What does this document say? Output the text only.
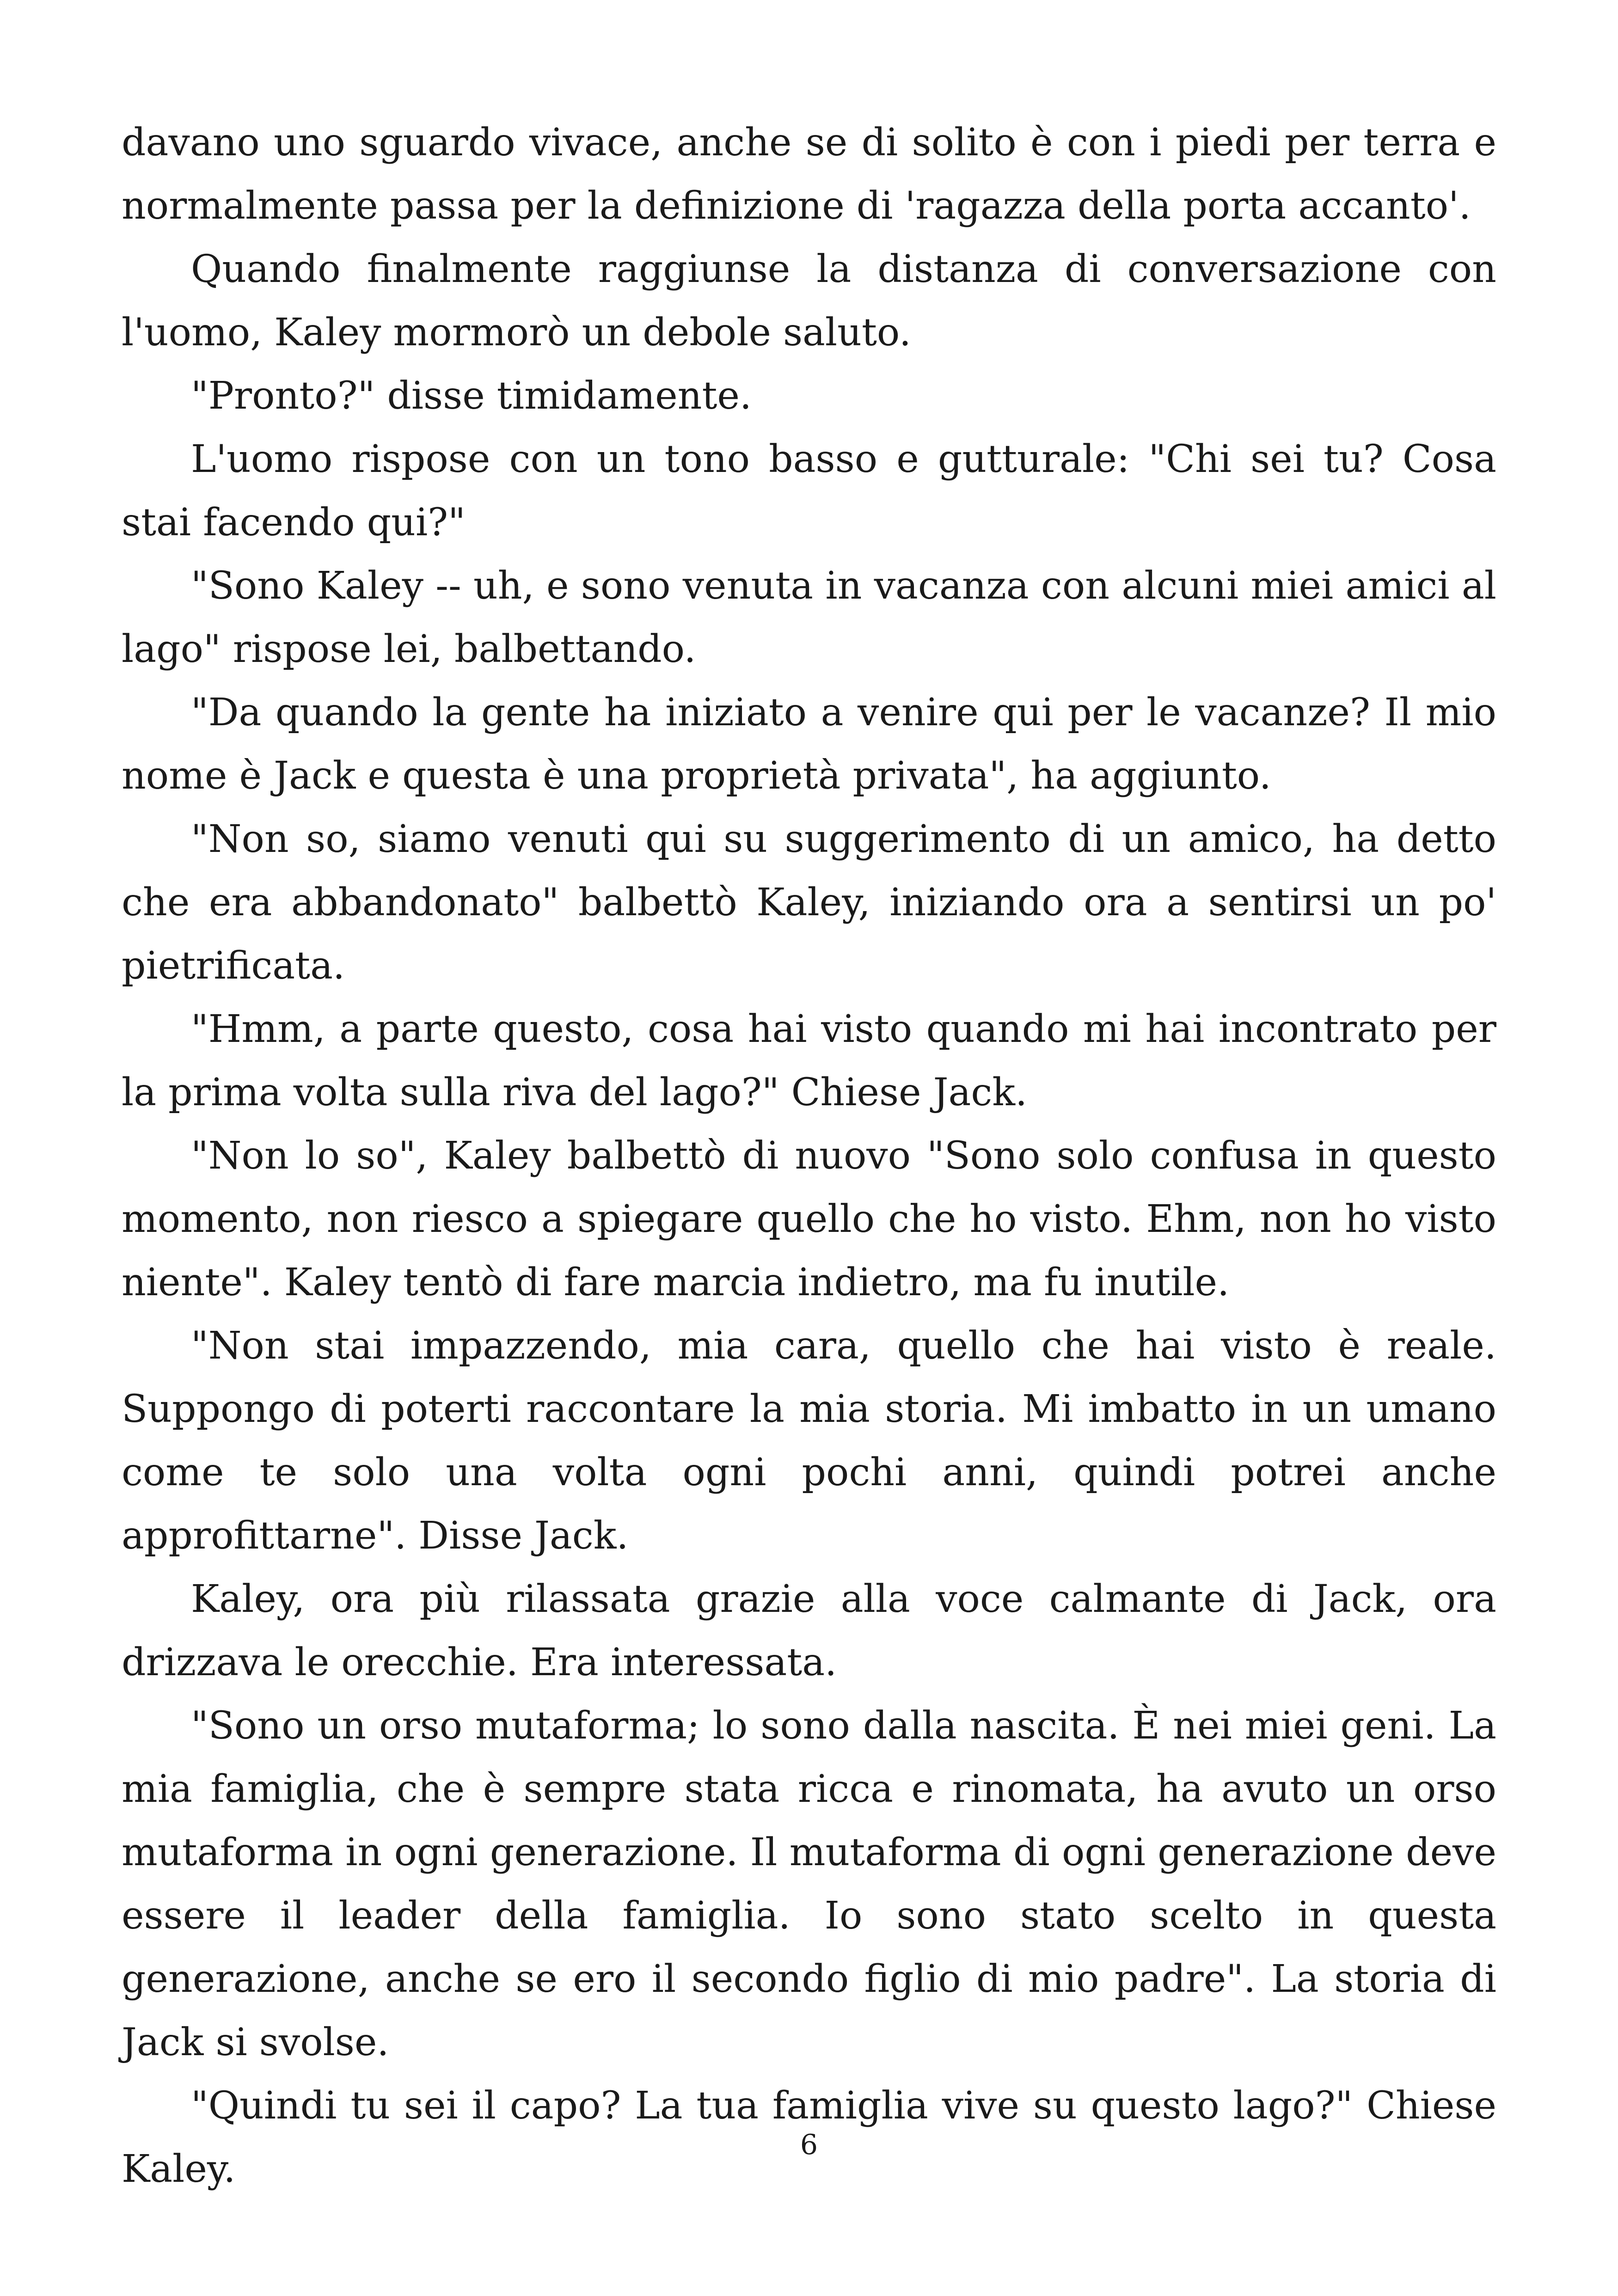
davano uno sguardo vivace, anche se di solito è con i piedi per terra e normalmente passa per la definizione di 'ragazza della porta accanto'.

Quando finalmente raggiunse la distanza di conversazione con l'uomo, Kaley mormorò un debole saluto.

"Pronto?" disse timidamente.

L'uomo rispose con un tono basso e gutturale: "Chi sei tu? Cosa stai facendo qui?"

"Sono Kaley -- uh, e sono venuta in vacanza con alcuni miei amici al lago" rispose lei, balbettando.

"Da quando la gente ha iniziato a venire qui per le vacanze? Il mio nome è Jack e questa è una proprietà privata", ha aggiunto.

"Non so, siamo venuti qui su suggerimento di un amico, ha detto che era abbandonato" balbettò Kaley, iniziando ora a sentirsi un po' pietrificata.

"Hmm, a parte questo, cosa hai visto quando mi hai incontrato per la prima volta sulla riva del lago?" Chiese Jack.

"Non lo so", Kaley balbettò di nuovo "Sono solo confusa in questo momento, non riesco a spiegare quello che ho visto. Ehm, non ho visto niente". Kaley tentò di fare marcia indietro, ma fu inutile.

"Non stai impazzendo, mia cara, quello che hai visto è reale. Suppongo di poterti raccontare la mia storia. Mi imbatto in un umano come te solo una volta ogni pochi anni, quindi potrei anche approfittarne". Disse Jack.

Kaley, ora più rilassata grazie alla voce calmante di Jack, ora drizzava le orecchie. Era interessata.

"Sono un orso mutaforma; lo sono dalla nascita. È nei miei geni. La mia famiglia, che è sempre stata ricca e rinomata, ha avuto un orso mutaforma in ogni generazione. Il mutaforma di ogni generazione deve essere il leader della famiglia. Io sono stato scelto in questa generazione, anche se ero il secondo figlio di mio padre". La storia di Jack si svolse.

"Quindi tu sei il capo? La tua famiglia vive su questo lago?" Chiese Kaley.

6
